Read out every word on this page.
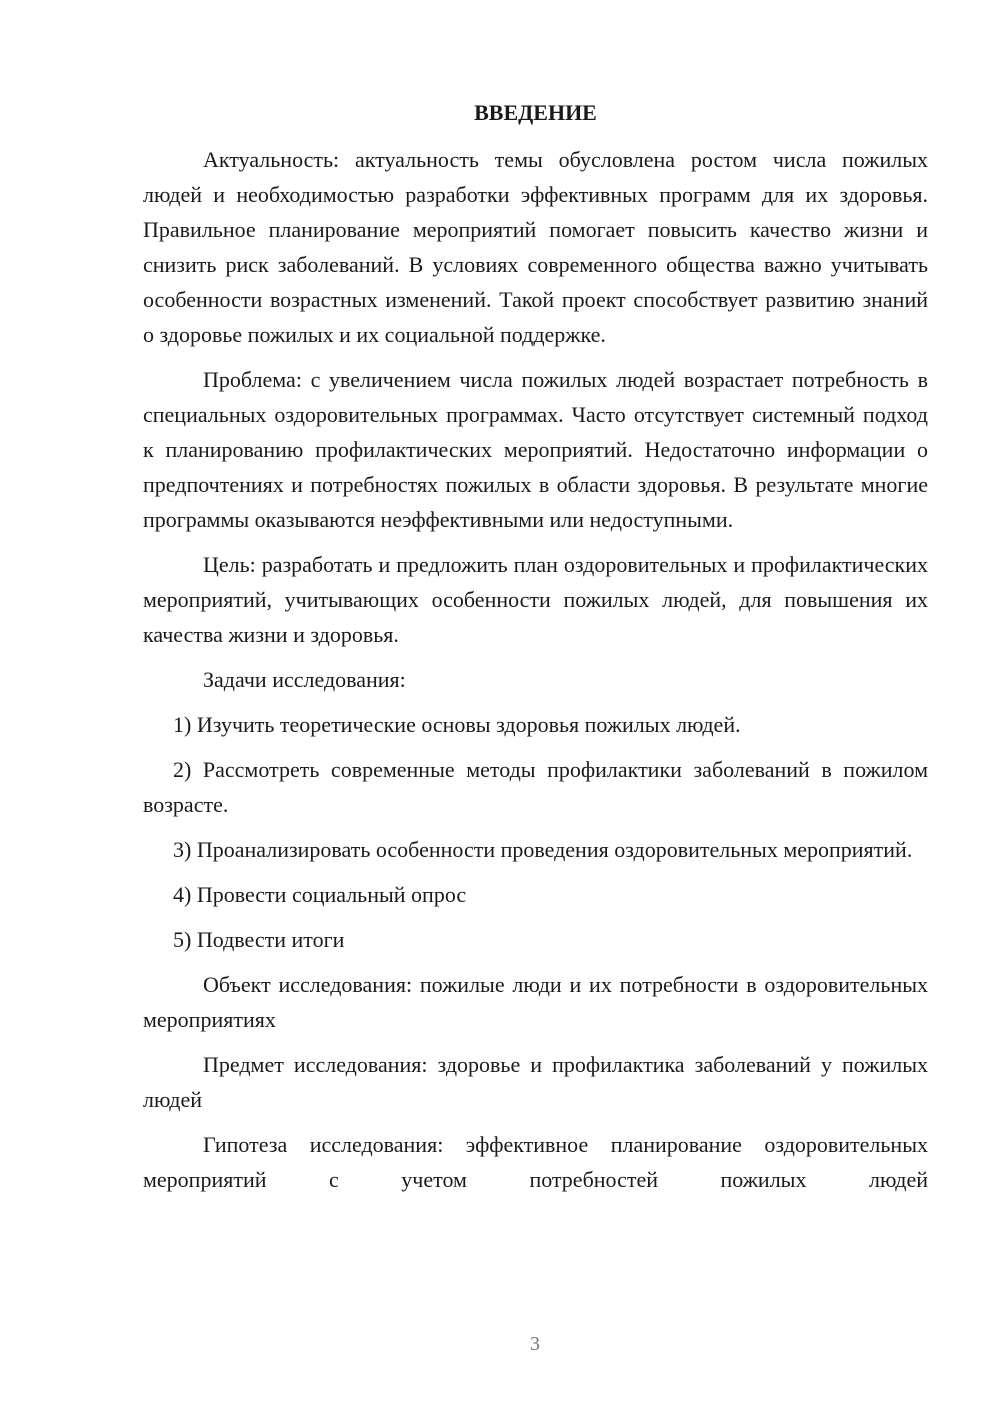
ВВЕДЕНИЕ

Актуальность: актуальность темы обусловлена ростом числа пожилых людей и необходимостью разработки эффективных программ для их здоровья. Правильное планирование мероприятий помогает повысить качество жизни и снизить риск заболеваний. В условиях современного общества важно учитывать особенности возрастных изменений. Такой проект способствует развитию знаний о здоровье пожилых и их социальной поддержке.

Проблема: с увеличением числа пожилых людей возрастает потребность в специальных оздоровительных программах. Часто отсутствует системный подход к планированию профилактических мероприятий. Недостаточно информации о предпочтениях и потребностях пожилых в области здоровья. В результате многие программы оказываются неэффективными или недоступными.

Цель: разработать и предложить план оздоровительных и профилактических мероприятий, учитывающих особенности пожилых людей, для повышения их качества жизни и здоровья.

Задачи исследования:

1) Изучить теоретические основы здоровья пожилых людей.

2) Рассмотреть современные методы профилактики заболеваний в пожилом возрасте.

3) Проанализировать особенности проведения оздоровительных мероприятий.

4) Провести социальный опрос

5) Подвести итоги

Объект исследования: пожилые люди и их потребности в оздоровительных мероприятиях

Предмет исследования: здоровье и профилактика заболеваний у пожилых людей

Гипотеза исследования: эффективное планирование оздоровительных мероприятий с учетом потребностей пожилых людей

3
